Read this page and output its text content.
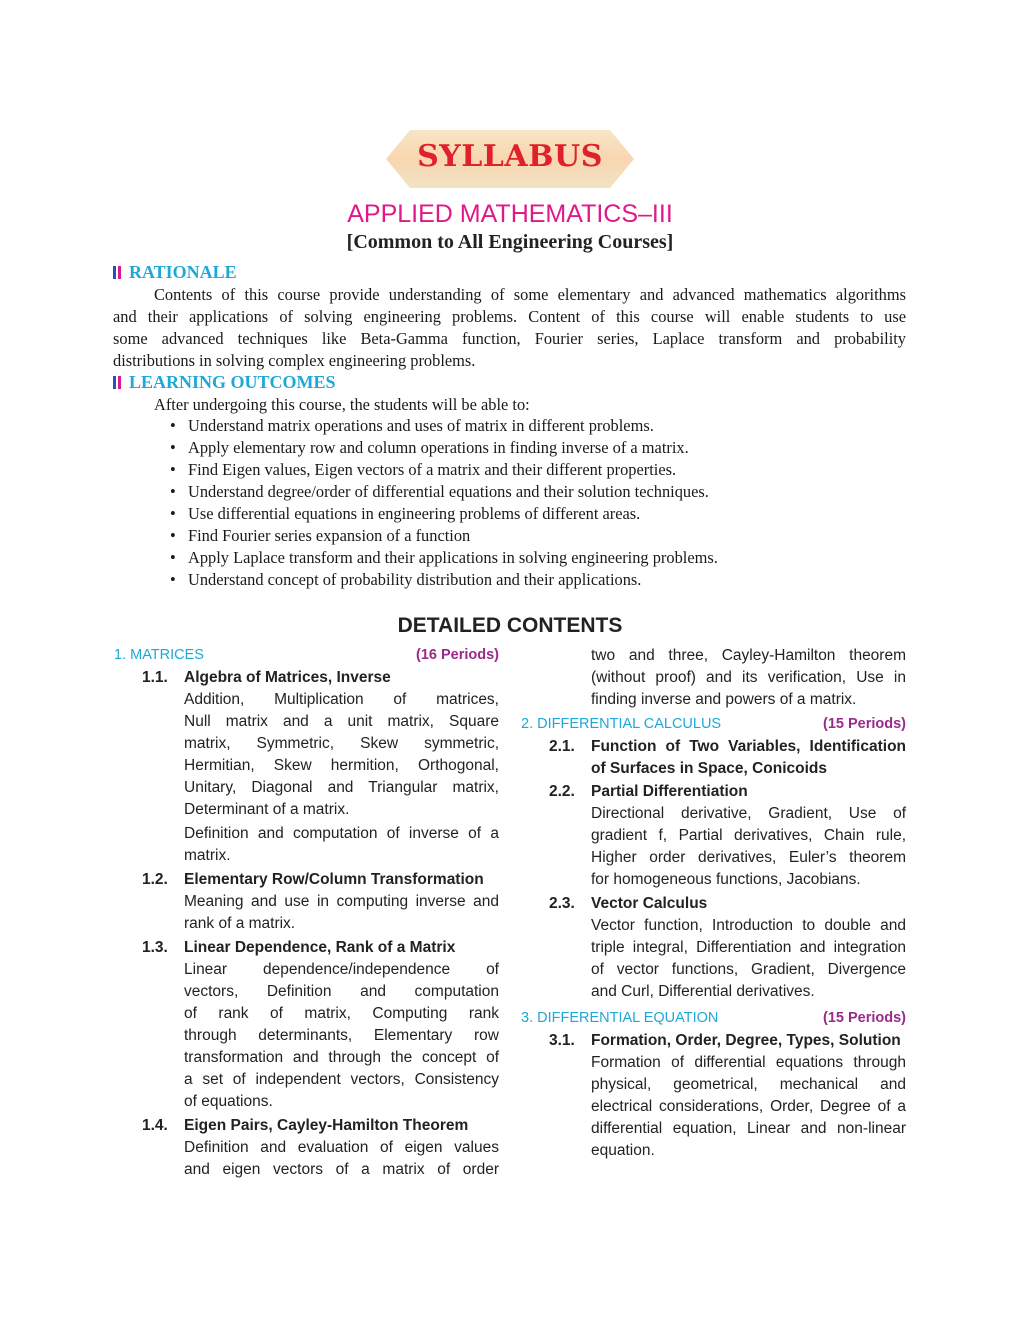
SYLLABUS
APPLIED MATHEMATICS–III
[Common to All Engineering Courses]
RATIONALE
Contents of this course provide understanding of some elementary and advanced mathematics algorithms
and their applications of solving engineering problems. Content of this course will enable students to use
some advanced techniques like Beta-Gamma function, Fourier series, Laplace transform and probability
distributions in solving complex engineering problems.
LEARNING OUTCOMES
After undergoing this course, the students will be able to:
• Understand matrix operations and uses of matrix in different problems.
• Apply elementary row and column operations in finding inverse of a matrix.
• Find Eigen values, Eigen vectors of a matrix and their different properties.
• Understand degree/order of differential equations and their solution techniques.
• Use differential equations in engineering problems of different areas.
• Find Fourier series expansion of a function
• Apply Laplace transform and their applications in solving engineering problems.
• Understand concept of probability distribution and their applications.
DETAILED CONTENTS
1. MATRICES	(16 Periods)
1.1.	Algebra of Matrices, Inverse
Addition, Multiplication of matrices,
Null matrix and a unit matrix, Square
matrix, Symmetric, Skew symmetric,
Hermitian, Skew hermition, Orthogonal,
Unitary, Diagonal and Triangular matrix,
Determinant of a matrix.
Definition and computation of inverse of a
matrix.
1.2.	Elementary Row/Column Transformation
Meaning and use in computing inverse and
rank of a matrix.
1.3.	Linear Dependence, Rank of a Matrix
Linear dependence/independence of
vectors, Definition and computation
of rank of matrix, Computing rank
through determinants, Elementary row
transformation and through the concept of
a set of independent vectors, Consistency
of equations.
1.4.	Eigen Pairs, Cayley-Hamilton Theorem
Definition and evaluation of eigen values
and eigen vectors of a matrix of order
two and three, Cayley-Hamilton theorem
(without proof) and its verification, Use in
finding inverse and powers of a matrix.
2. DIFFERENTIAL CALCULUS	(15 Periods)
2.1.	Function of Two Variables, Identification
of Surfaces in Space, Conicoids
2.2.	Partial Differentiation
Directional derivative, Gradient, Use of
gradient f, Partial derivatives, Chain rule,
Higher order derivatives, Euler’s theorem
for homogeneous functions, Jacobians.
2.3.	Vector Calculus
Vector function, Introduction to double and
triple integral, Differentiation and integration
of vector functions, Gradient, Divergence
and Curl, Differential derivatives.
3. DIFFERENTIAL EQUATION	(15 Periods)
3.1.	Formation, Order, Degree, Types, Solution
Formation of differential equations through
physical, geometrical, mechanical and
electrical considerations, Order, Degree of a
differential equation, Linear and non-linear
equation.
